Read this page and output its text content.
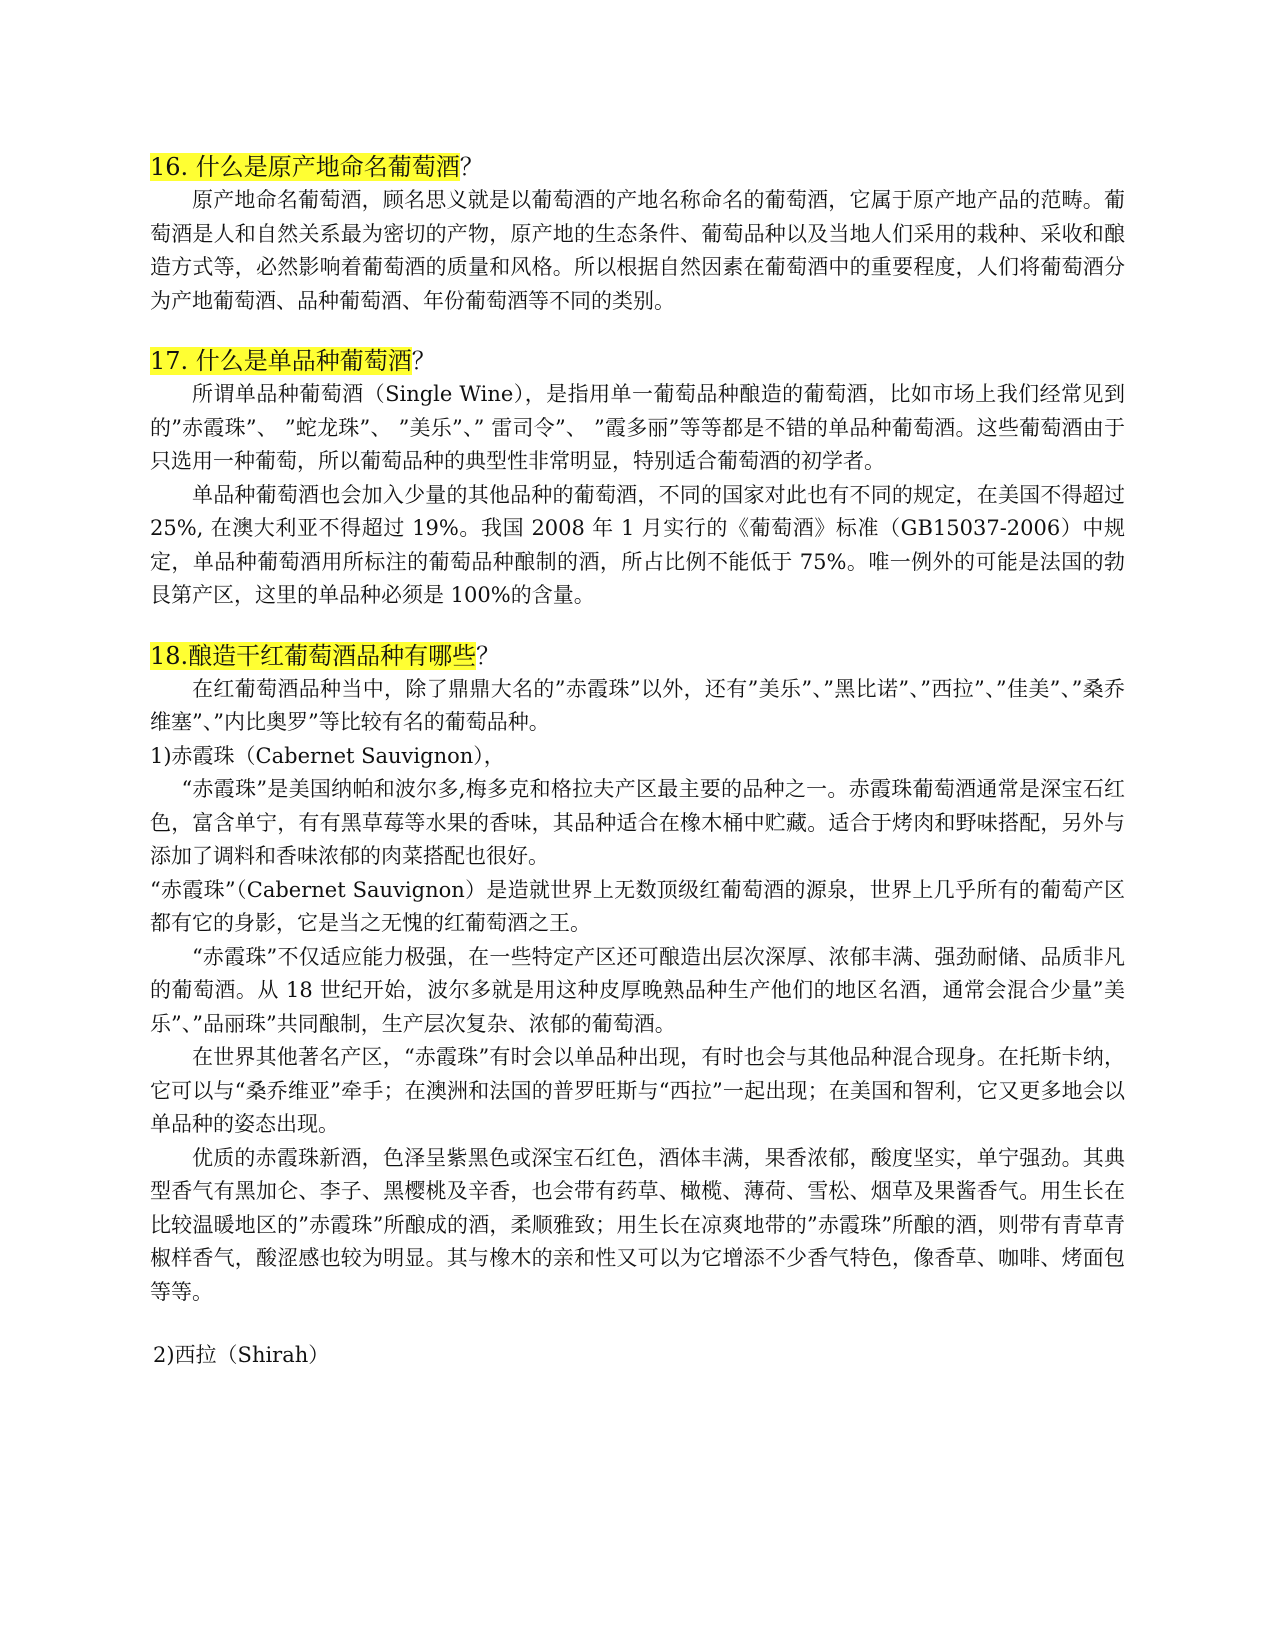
16. 什么是原产地命名葡萄酒？

原产地命名葡萄酒，顾名思义就是以葡萄酒的产地名称命名的葡萄酒，它属于原产地产品的范畴。葡萄酒是人和自然关系最为密切的产物，原产地的生态条件、葡萄品种以及当地人们采用的栽种、采收和酿造方式等，必然影响着葡萄酒的质量和风格。所以根据自然因素在葡萄酒中的重要程度，人们将葡萄酒分为产地葡萄酒、品种葡萄酒、年份葡萄酒等不同的类别。

17. 什么是单品种葡萄酒？

所谓单品种葡萄酒（Single Wine），是指用单一葡萄品种酿造的葡萄酒，比如市场上我们经常见到的”赤霞珠”、 ”蛇龙珠”、 ”美乐”、” 雷司令”、 ”霞多丽”等等都是不错的单品种葡萄酒。这些葡萄酒由于只选用一种葡萄，所以葡萄品种的典型性非常明显，特别适合葡萄酒的初学者。

单品种葡萄酒也会加入少量的其他品种的葡萄酒，不同的国家对此也有不同的规定，在美国不得超过 25%, 在澳大利亚不得超过 19%。我国 2008 年 1 月实行的《葡萄酒》标准（GB15037-2006）中规定，单品种葡萄酒用所标注的葡萄品种酿制的酒，所占比例不能低于 75%。唯一例外的可能是法国的勃艮第产区，这里的单品种必须是 100%的含量。

18.酿造干红葡萄酒品种有哪些？

在红葡萄酒品种当中，除了鼎鼎大名的”赤霞珠”以外，还有”美乐”、”黑比诺”、”西拉”、”佳美”、”桑乔维塞”、”内比奥罗”等比较有名的葡萄品种。

1)赤霞珠（Cabernet Sauvignon），

“赤霞珠”是美国纳帕和波尔多,梅多克和格拉夫产区最主要的品种之一。赤霞珠葡萄酒通常是深宝石红色，富含单宁，有有黑草莓等水果的香味，其品种适合在橡木桶中贮藏。适合于烤肉和野味搭配，另外与添加了调料和香味浓郁的肉菜搭配也很好。

“赤霞珠”（Cabernet Sauvignon）是造就世界上无数顶级红葡萄酒的源泉，世界上几乎所有的葡萄产区都有它的身影，它是当之无愧的红葡萄酒之王。

“赤霞珠”不仅适应能力极强，在一些特定产区还可酿造出层次深厚、浓郁丰满、强劲耐储、品质非凡的葡萄酒。从 18 世纪开始，波尔多就是用这种皮厚晚熟品种生产他们的地区名酒，通常会混合少量”美乐”、”品丽珠”共同酿制，生产层次复杂、浓郁的葡萄酒。

在世界其他著名产区，“赤霞珠”有时会以单品种出现，有时也会与其他品种混合现身。在托斯卡纳，它可以与“桑乔维亚”牵手；在澳洲和法国的普罗旺斯与“西拉”一起出现；在美国和智利，它又更多地会以单品种的姿态出现。

优质的赤霞珠新酒，色泽呈紫黑色或深宝石红色，酒体丰满，果香浓郁，酸度坚实，单宁强劲。其典型香气有黑加仑、李子、黑樱桃及辛香，也会带有药草、橄榄、薄荷、雪松、烟草及果酱香气。用生长在比较温暖地区的”赤霞珠”所酿成的酒，柔顺雅致；用生长在凉爽地带的”赤霞珠”所酿的酒，则带有青草青椒样香气，酸涩感也较为明显。其与橡木的亲和性又可以为它增添不少香气特色，像香草、咖啡、烤面包等等。

2)西拉（Shirah）
